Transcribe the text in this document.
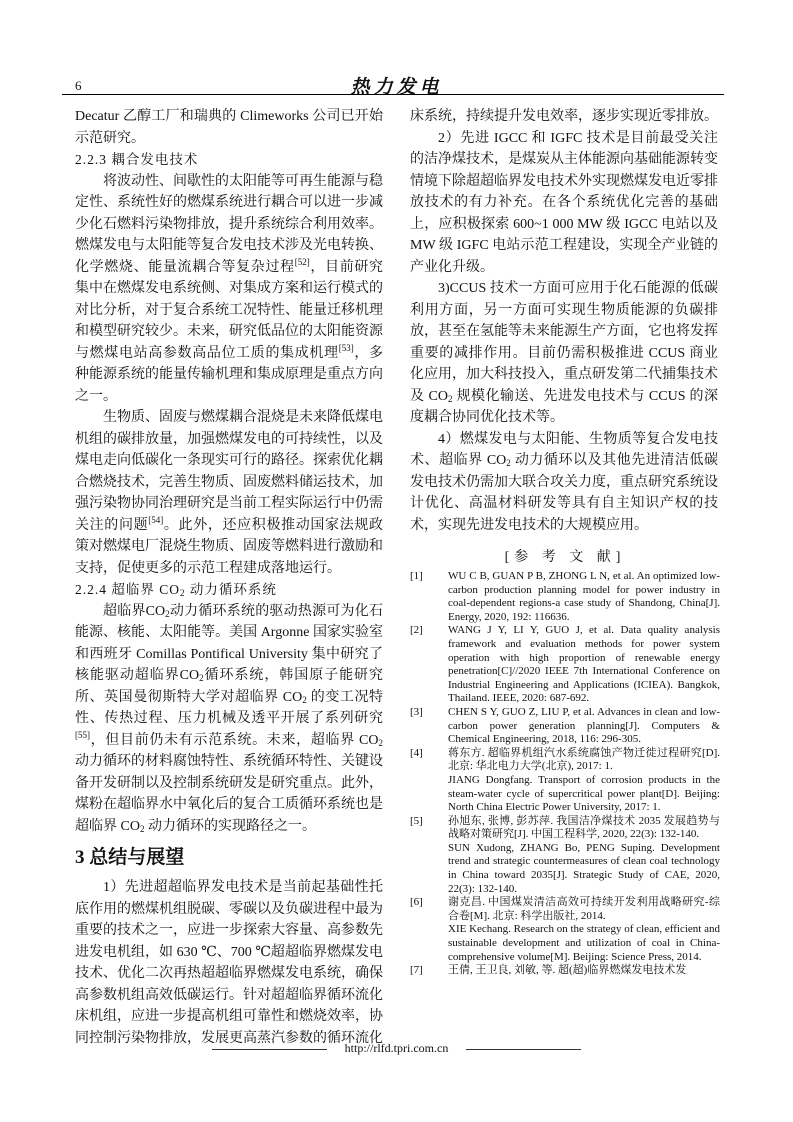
6	热力发电

Decatur 乙醇工厂和瑞典的 Climeworks 公司已开始示范研究。

2.2.3 耦合发电技术

将波动性、间歇性的太阳能等可再生能源与稳定性、系统性好的燃煤系统进行耦合可以进一步减少化石燃料污染物排放，提升系统综合利用效率。燃煤发电与太阳能等复合发电技术涉及光电转换、化学燃烧、能量流耦合等复杂过程[52]，目前研究集中在燃煤发电系统侧、对集成方案和运行模式的对比分析，对于复合系统工况特性、能量迁移机理和模型研究较少。未来，研究低品位的太阳能资源与燃煤电站高参数高品位工质的集成机理[53]，多种能源系统的能量传输机理和集成原理是重点方向之一。

生物质、固废与燃煤耦合混烧是未来降低煤电机组的碳排放量，加强燃煤发电的可持续性，以及煤电走向低碳化一条现实可行的路径。探索优化耦合燃烧技术，完善生物质、固废燃料储运技术，加强污染物协同治理研究是当前工程实际运行中仍需关注的问题[54]。此外，还应积极推动国家法规政策对燃煤电厂混烧生物质、固废等燃料进行激励和支持，促使更多的示范工程建成落地运行。

2.2.4 超临界 $CO_2$ 动力循环系统

超临界$CO_2$动力循环系统的驱动热源可为化石能源、核能、太阳能等。美国 Argonne 国家实验室和西班牙 Comillas Pontifical University 集中研究了核能驱动超临界$CO_2$循环系统，韩国原子能研究所、英国曼彻斯特大学对超临界 $CO_2$ 的变工况特性、传热过程、压力机械及透平开展了系列研究[55]，但目前仍未有示范系统。未来，超临界 $CO_2$ 动力循环的材料腐蚀特性、系统循环特性、关键设备开发研制以及控制系统研发是研究重点。此外，煤粉在超临界水中氧化后的复合工质循环系统也是超临界 $CO_2$ 动力循环的实现路径之一。

3 总结与展望

1）先进超超临界发电技术是当前起基础性托底作用的燃煤机组脱碳、零碳以及负碳进程中最为重要的技术之一，应进一步探索大容量、高参数先进发电机组，如 630 ℃、700 ℃超超临界燃煤发电技术、优化二次再热超超临界燃煤发电系统，确保高参数机组高效低碳运行。针对超超临界循环流化床机组，应进一步提高机组可靠性和燃烧效率，协同控制污染物排放，发展更高蒸汽参数的循环流化

床系统，持续提升发电效率，逐步实现近零排放。

2）先进 IGCC 和 IGFC 技术是目前最受关注的洁净煤技术，是煤炭从主体能源向基础能源转变情境下除超超临界发电技术外实现燃煤发电近零排放技术的有力补充。在各个系统优化完善的基础上，应积极探索 600~1 000 MW 级 IGCC 电站以及 MW 级 IGFC 电站示范工程建设，实现全产业链的产业化升级。

3)CCUS 技术一方面可应用于化石能源的低碳利用方面，另一方面可实现生物质能源的负碳排放，甚至在氢能等未来能源生产方面，它也将发挥重要的减排作用。目前仍需积极推进 CCUS 商业化应用，加大科技投入，重点研发第二代捕集技术及 $CO_2$ 规模化输送、先进发电技术与 CCUS 的深度耦合协同优化技术等。

4）燃煤发电与太阳能、生物质等复合发电技术、超临界 $CO_2$ 动力循环以及其他先进清洁低碳发电技术仍需加大联合攻关力度，重点研究系统设计优化、高温材料研发等具有自主知识产权的技术，实现先进发电技术的大规模应用。

[参 考 文 献]
[1]	WU C B, GUAN P B, ZHONG L N, et al. An optimized low-carbon production planning model for power industry in coal-dependent regions-a case study of Shandong, China[J]. Energy, 2020, 192: 116636.
[2]	WANG J Y, LI Y, GUO J, et al. Data quality analysis framework and evaluation methods for power system operation with high proportion of renewable energy penetration[C]//2020 IEEE 7th International Conference on Industrial Engineering and Applications (ICIEA). Bangkok, Thailand. IEEE, 2020: 687-692.
[3]	CHEN S Y, GUO Z, LIU P, et al. Advances in clean and low-carbon power generation planning[J]. Computers & Chemical Engineering, 2018, 116: 296-305.
[4]	蒋东方. 超临界机组汽水系统腐蚀产物迁徙过程研究[D]. 北京: 华北电力大学(北京), 2017: 1.
JIANG Dongfang. Transport of corrosion products in the steam-water cycle of supercritical power plant[D]. Beijing: North China Electric Power University, 2017: 1.
[5]	孙旭东, 张博, 彭苏萍. 我国洁净煤技术 2035 发展趋势与战略对策研究[J]. 中国工程科学, 2020, 22(3): 132-140.
SUN Xudong, ZHANG Bo, PENG Suping. Development trend and strategic countermeasures of clean coal technology in China toward 2035[J]. Strategic Study of CAE, 2020, 22(3): 132-140.
[6]	谢克昌. 中国煤炭清洁高效可持续开发利用战略研究-综合卷[M]. 北京: 科学出版社, 2014.
XIE Kechang. Research on the strategy of clean, efficient and sustainable development and utilization of coal in China-comprehensive volume[M]. Beijing: Science Press, 2014.
[7]	王倩, 王卫良, 刘敏, 等. 超(超)临界燃煤发电技术发
http://rlfd.tpri.com.cn
